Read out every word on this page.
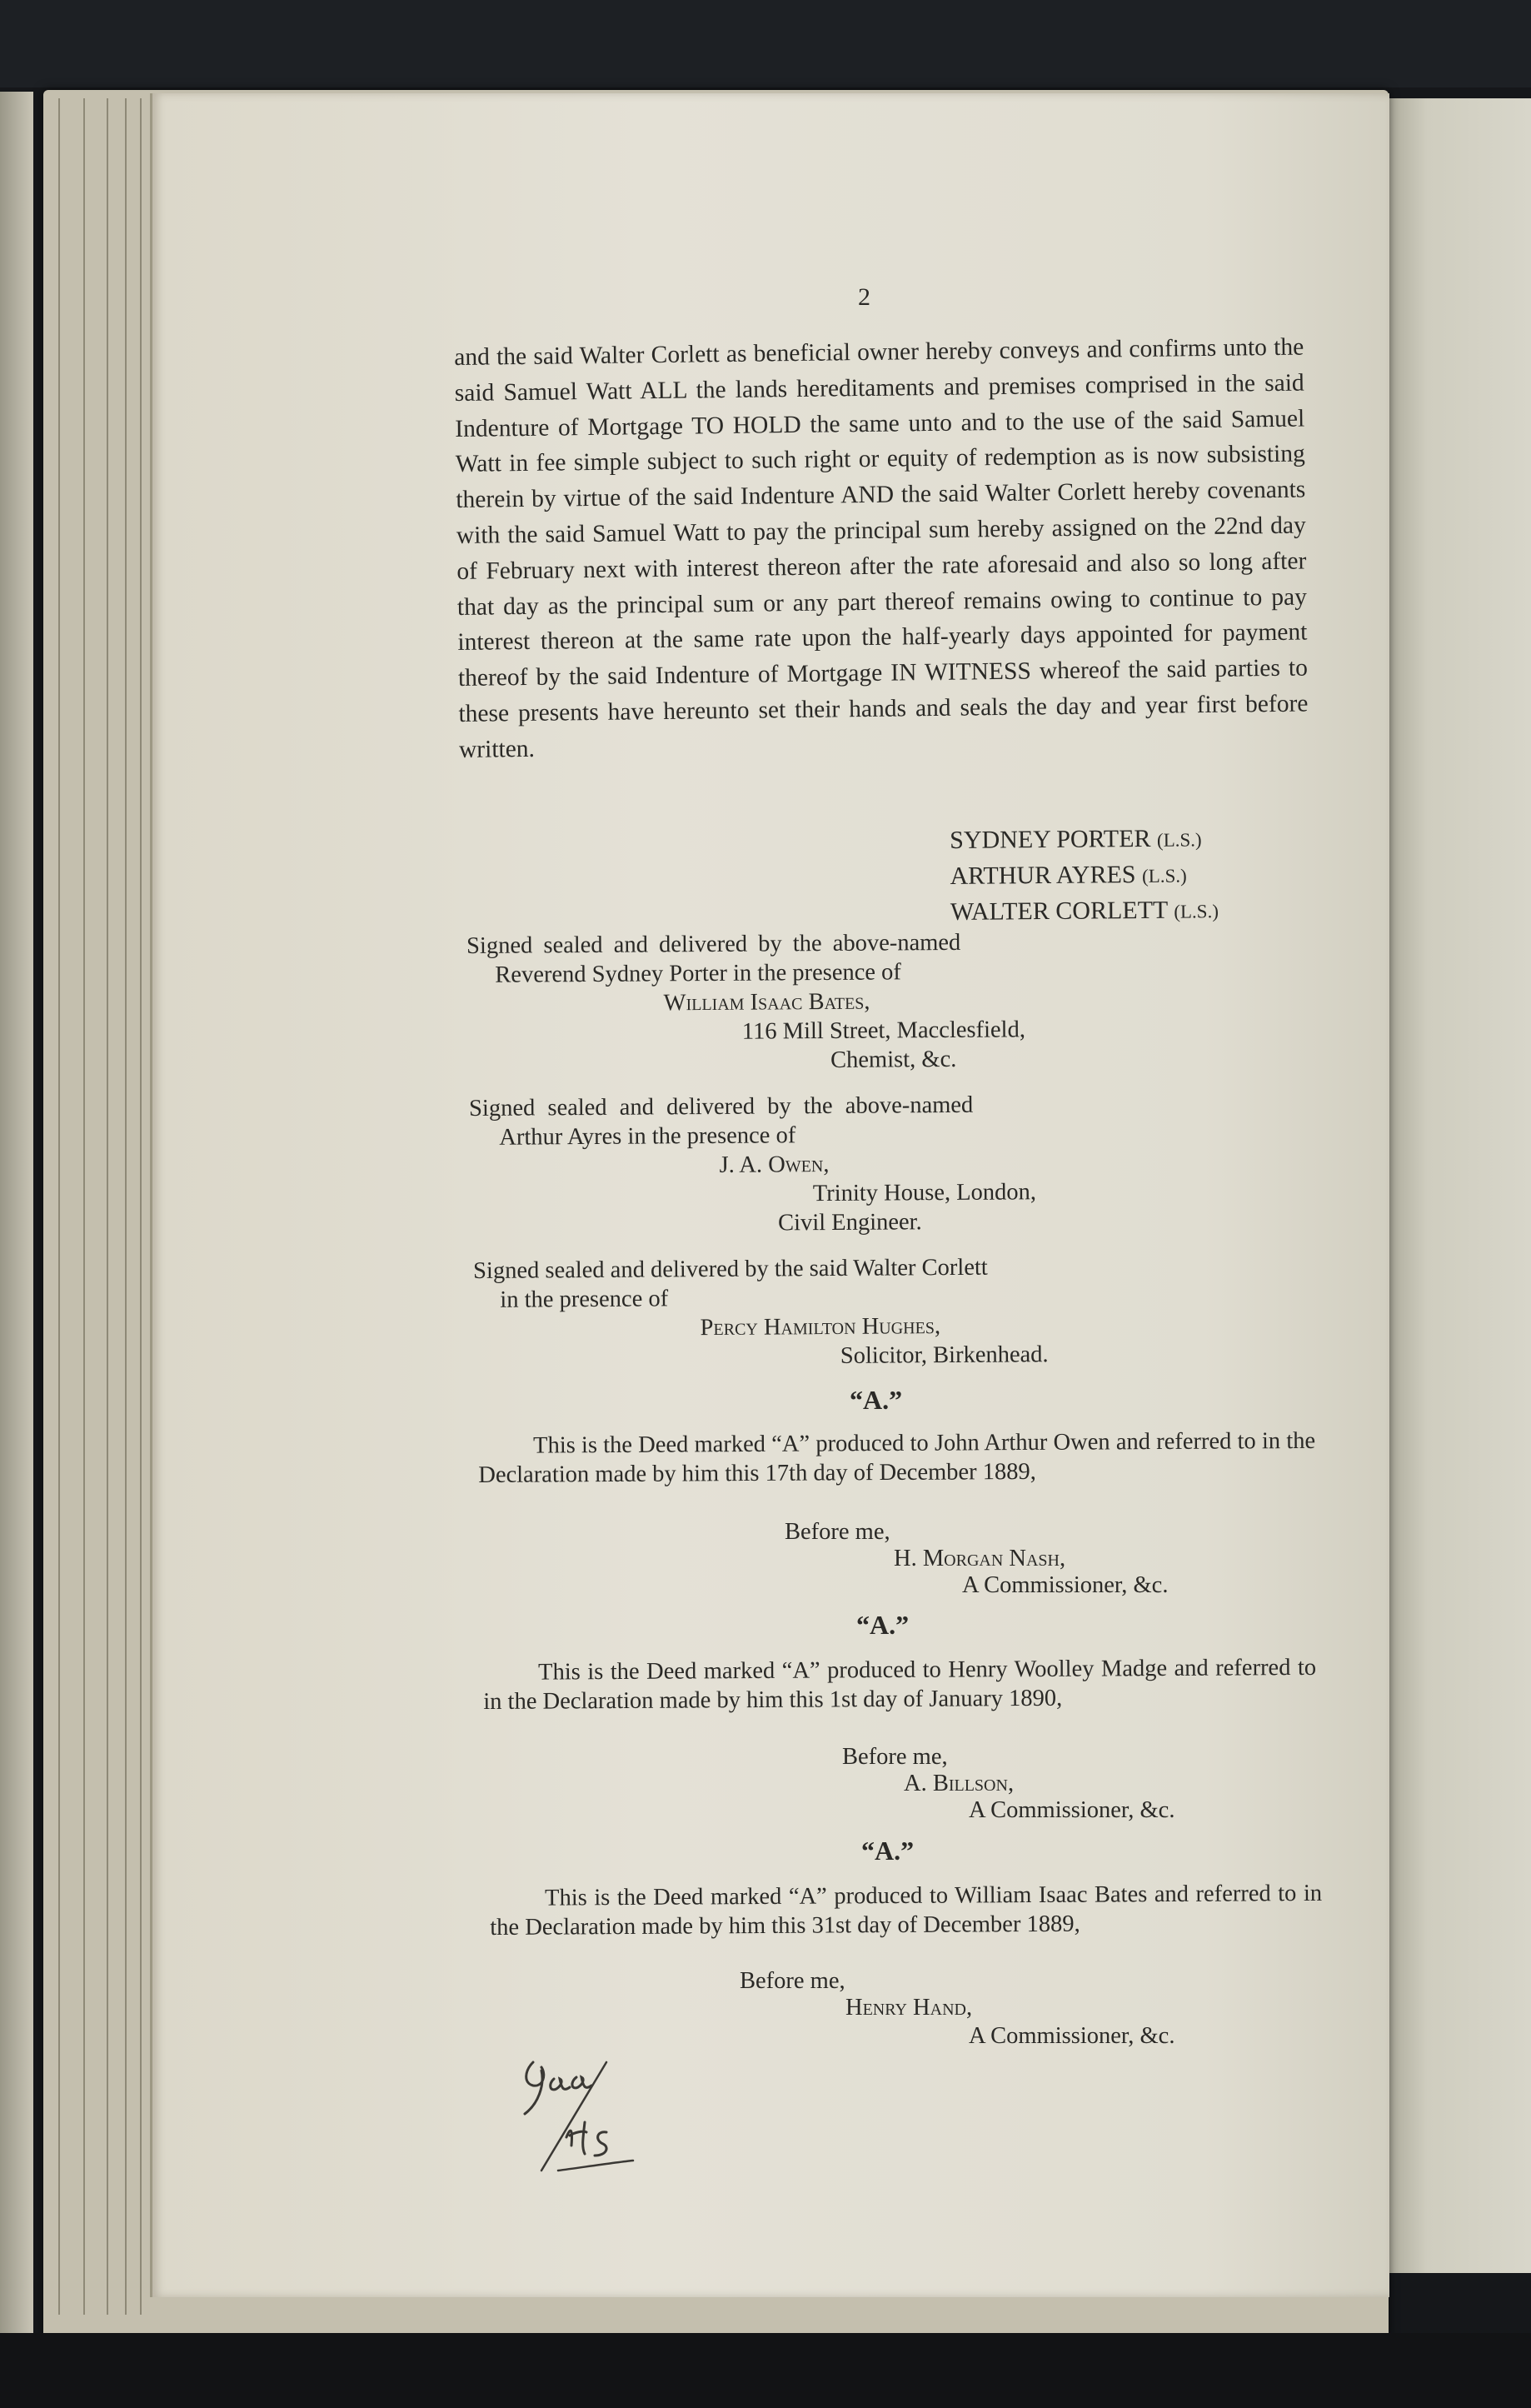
2
and the said Walter Corlett as beneficial owner hereby conveys and confirms unto the said Samuel Watt ALL the lands hereditaments and premises comprised in the said Indenture of Mortgage TO HOLD the same unto and to the use of the said Samuel Watt in fee simple subject to such right or equity of redemption as is now subsisting therein by virtue of the said Indenture AND the said Walter Corlett hereby covenants with the said Samuel Watt to pay the principal sum hereby assigned on the 22nd day of February next with interest thereon after the rate aforesaid and also so long after that day as the principal sum or any part thereof remains owing to continue to pay interest thereon at the same rate upon the half-yearly days appointed for payment thereof by the said Indenture of Mortgage IN WITNESS whereof the said parties to these presents have hereunto set their hands and seals the day and year first before written.
SYDNEY PORTER (L.S.)
ARTHUR AYRES (L.S.)
WALTER CORLETT (L.S.)
Signed sealed and delivered by the above-named
Reverend Sydney Porter in the presence of
William Isaac Bates,
116 Mill Street, Macclesfield,
Chemist, &c.
Signed sealed and delivered by the above-named
Arthur Ayres in the presence of
J. A. Owen,
Trinity House, London,
Civil Engineer.
Signed sealed and delivered by the said Walter Corlett
in the presence of
Percy Hamilton Hughes,
Solicitor, Birkenhead.
“A.”
This is the Deed marked “A” produced to John Arthur Owen and referred to in the Declaration made by him this 17th day of December 1889,
Before me,
H. Morgan Nash,
A Commissioner, &c.
“A.”
This is the Deed marked “A” produced to Henry Woolley Madge and referred to in the Declaration made by him this 1st day of January 1890,
Before me,
A. Billson,
A Commissioner, &c.
“A.”
This is the Deed marked “A” produced to William Isaac Bates and referred to in the Declaration made by him this 31st day of December 1889,
Before me,
Henry Hand,
A Commissioner, &c.
